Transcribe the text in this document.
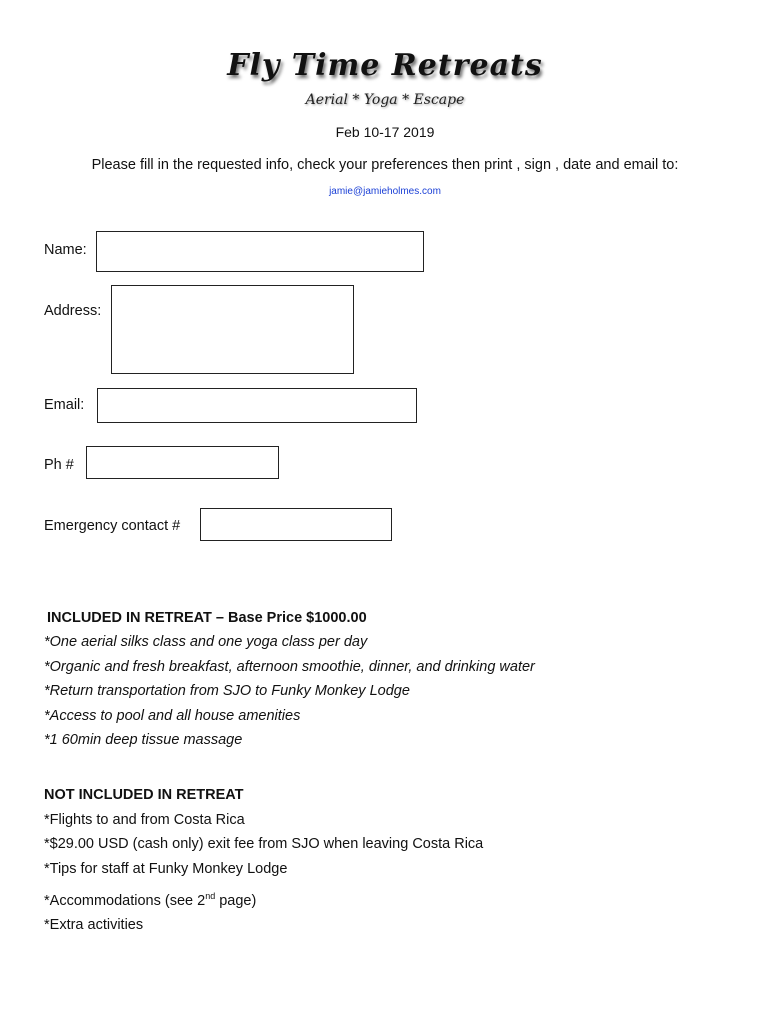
Fly Time Retreats
Aerial * Yoga * Escape
Feb 10-17 2019
Please fill in the requested info, check your preferences then print , sign , date and email to:
jamie@jamieholmes.com
Name:
Address:
Email:
Ph #
Emergency contact #
INCLUDED IN RETREAT – Base Price $1000.00
*One aerial silks class and one yoga class per day
*Organic and fresh breakfast, afternoon smoothie, dinner, and drinking water
*Return transportation from SJO to Funky Monkey Lodge
*Access to pool and all house amenities
*1 60min deep tissue massage
NOT INCLUDED IN RETREAT
*Flights to and from Costa Rica
*$29.00 USD (cash only) exit fee from SJO when leaving Costa Rica
*Tips for staff at Funky Monkey Lodge
*Accommodations (see 2nd page)
*Extra activities
